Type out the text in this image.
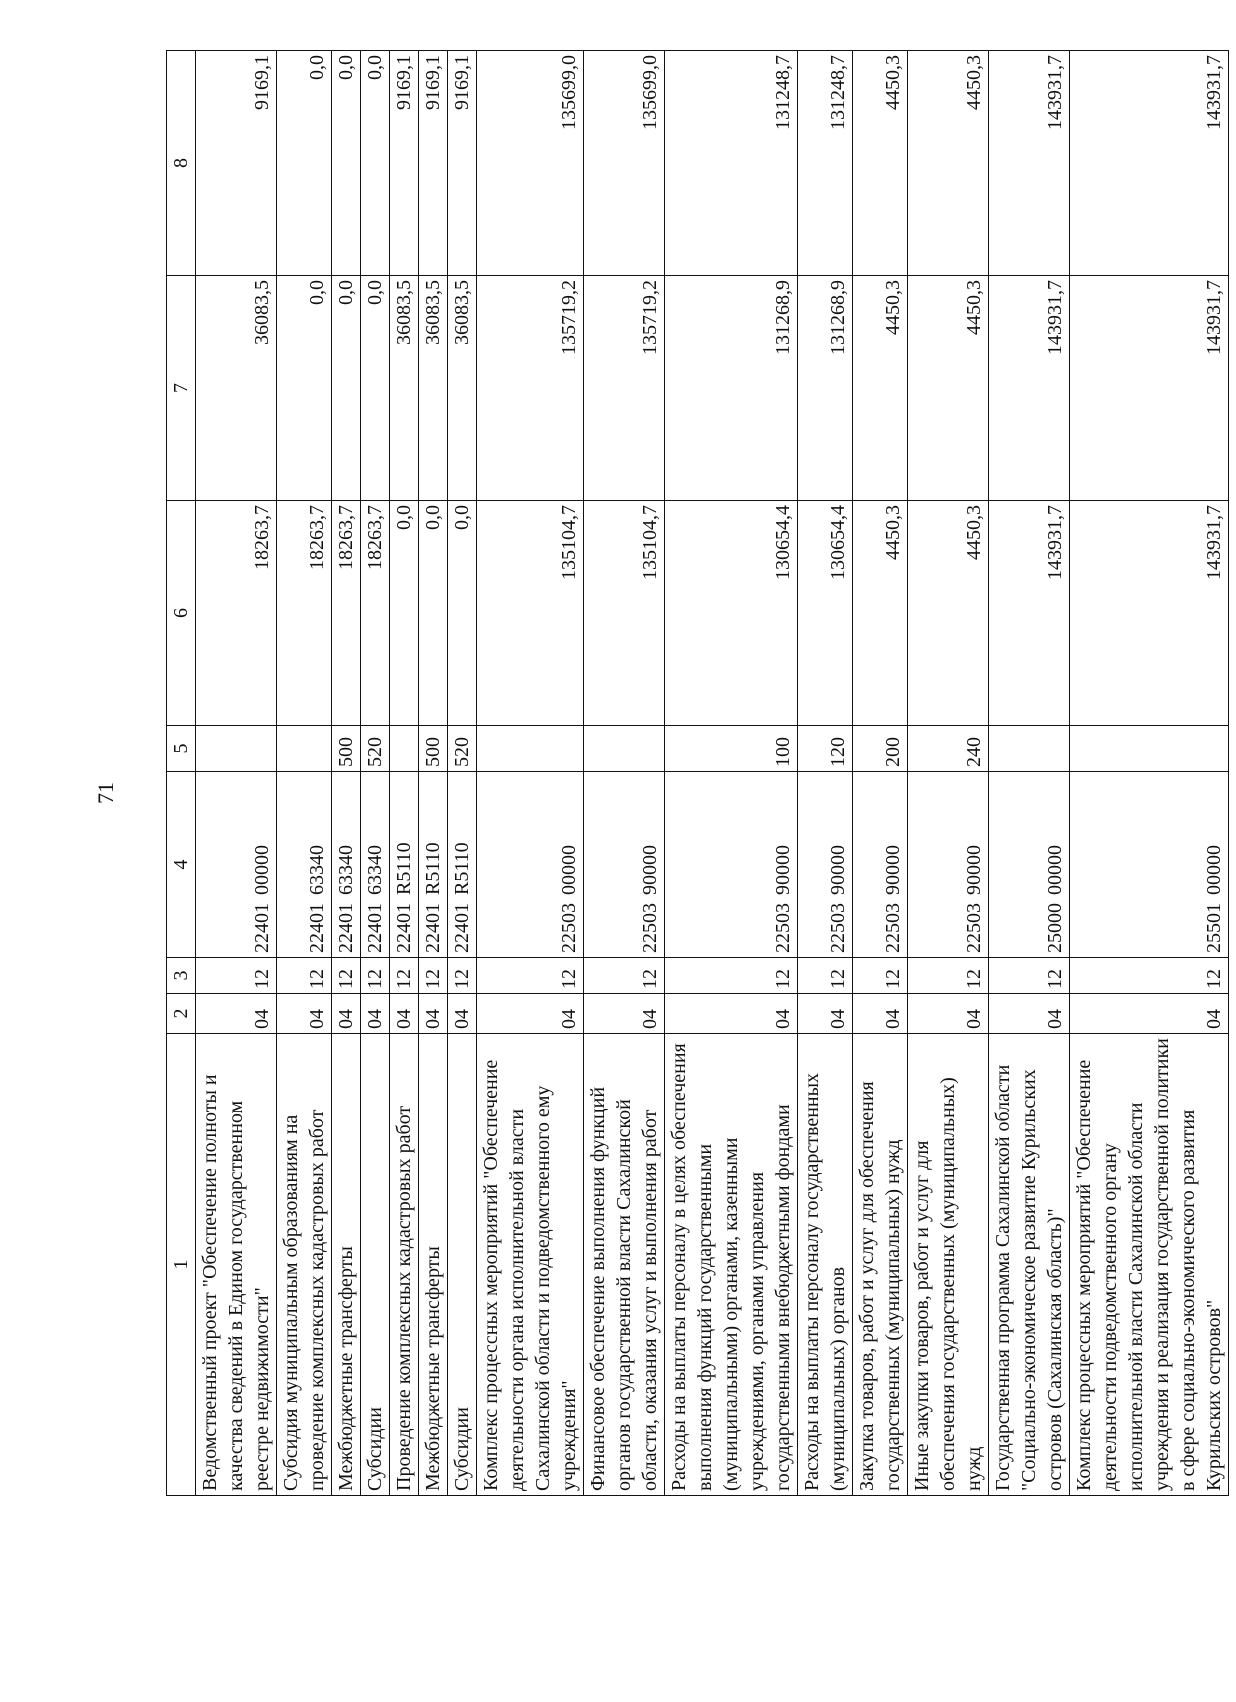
71
1	2	3	4	5	6	7	8
Ведомственный проект "Обеспечение полноты и качества сведений в Едином государственном реестре недвижимости"	04	12	2240100000		18263,7	36083,5	9169,1
Субсидия муниципальным образованиям на проведение комплексных кадастровых работ	04	12	2240163340		18263,7	0,0	0,0
Межбюджетные трансферты	04	12	2240163340	500	18263,7	0,0	0,0
Субсидии	04	12	2240163340	520	18263,7	0,0	0,0
Проведение комплексных кадастровых работ	04	12	22401R5110		0,0	36083,5	9169,1
Межбюджетные трансферты	04	12	22401R5110	500	0,0	36083,5	9169,1
Субсидии	04	12	22401R5110	520	0,0	36083,5	9169,1
Комплекс процессных мероприятий "Обеспечение деятельности органа исполнительной власти Сахалинской области и подведомственного ему учреждения"	04	12	2250300000		135104,7	135719,2	135699,0
Финансовое обеспечение выполнения функций органов государственной власти Сахалинской области, оказания услуг и выполнения работ	04	12	2250390000		135104,7	135719,2	135699,0
Расходы на выплаты персоналу в целях обеспечения выполнения функций государственными (муниципальными) органами, казенными учреждениями, органами управления государственными внебюджетными фондами	04	12	2250390000	100	130654,4	131268,9	131248,7
Расходы на выплаты персоналу государственных (муниципальных) органов	04	12	2250390000	120	130654,4	131268,9	131248,7
Закупка товаров, работ и услуг для обеспечения государственных (муниципальных) нужд	04	12	2250390000	200	4450,3	4450,3	4450,3
Иные закупки товаров, работ и услуг для обеспечения государственных (муниципальных) нужд	04	12	2250390000	240	4450,3	4450,3	4450,3
Государственная программа Сахалинской области "Социально-экономическое развитие Курильских островов (Сахалинская область)"	04	12	2500000000		143931,7	143931,7	143931,7
Комплекс процессных мероприятий "Обеспечение деятельности подведомственного органу исполнительной власти Сахалинской области учреждения и реализация государственной политики в сфере социально-экономического развития Курильских островов"	04	12	2550100000		143931,7	143931,7	143931,7
